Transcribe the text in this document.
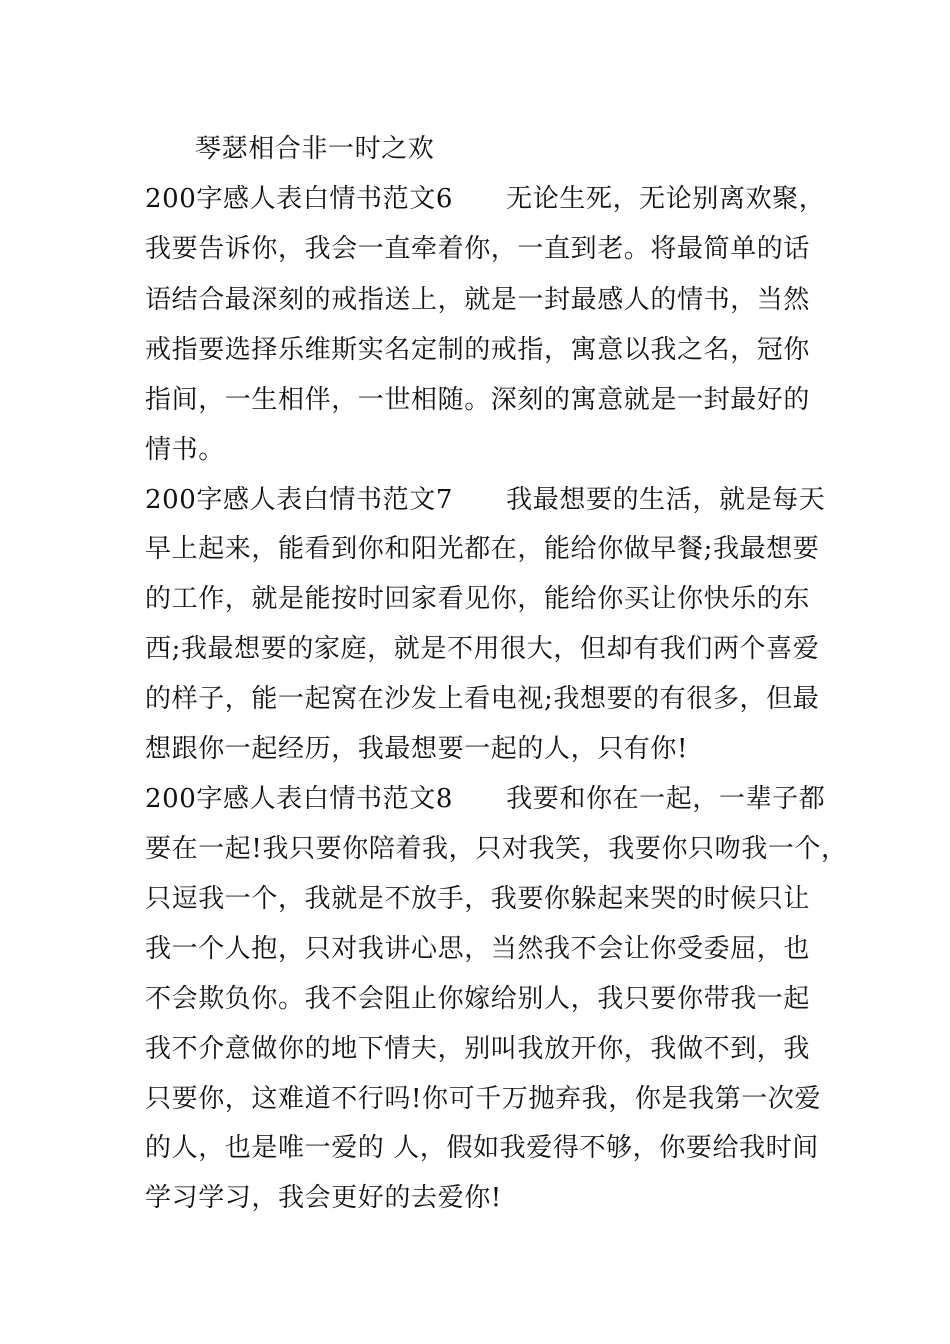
琴瑟相合非一时之欢
200字感人表白情书范文6　　无论生死，无论别离欢聚，
我要告诉你，我会一直牵着你，一直到老。将最简单的话
语结合最深刻的戒指送上，就是一封最感人的情书，当然
戒指要选择乐维斯实名定制的戒指，寓意以我之名，冠你
指间，一生相伴，一世相随。深刻的寓意就是一封最好的
情书。
200字感人表白情书范文7　　我最想要的生活，就是每天
早上起来，能看到你和阳光都在，能给你做早餐;我最想要
的工作，就是能按时回家看见你，能给你买让你快乐的东
西;我最想要的家庭，就是不用很大，但却有我们两个喜爱
的样子，能一起窝在沙发上看电视;我想要的有很多，但最
想跟你一起经历，我最想要一起的人，只有你!
200字感人表白情书范文8　　我要和你在一起，一辈子都
要在一起!我只要你陪着我，只对我笑，我要你只吻我一个，
只逗我一个，我就是不放手，我要你躲起来哭的时候只让
我一个人抱，只对我讲心思，当然我不会让你受委屈，也
不会欺负你。我不会阻止你嫁给别人，我只要你带我一起
我不介意做你的地下情夫，别叫我放开你，我做不到，我
只要你，这难道不行吗!你可千万抛弃我，你是我第一次爱
的人，也是唯一爱的 人，假如我爱得不够，你要给我时间
学习学习，我会更好的去爱你!
